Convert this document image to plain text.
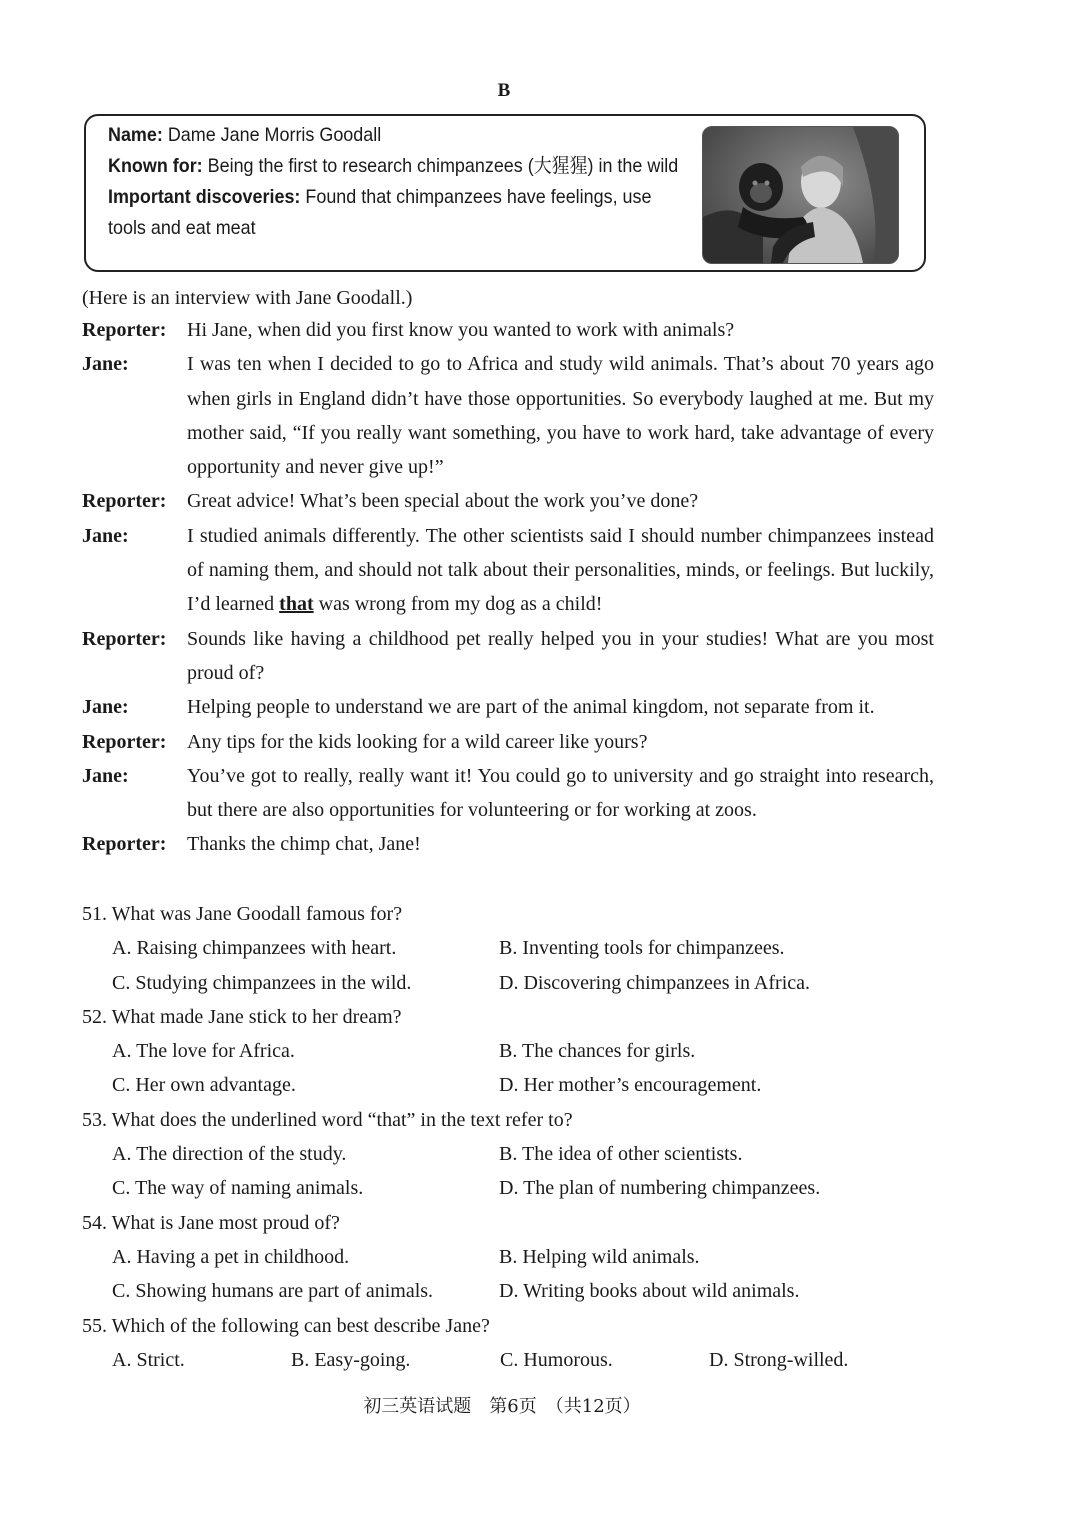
B
Name: Dame Jane Morris Goodall
Known for: Being the first to research chimpanzees (大猩猩) in the wild
Important discoveries: Found that chimpanzees have feelings, use tools and eat meat
(Here is an interview with Jane Goodall.)
Reporter:	Hi Jane, when did you first know you wanted to work with animals?
Jane:	I was ten when I decided to go to Africa and study wild animals. That’s about 70 years ago when girls in England didn’t have those opportunities. So everybody laughed at me. But my mother said, “If you really want something, you have to work hard, take advantage of every opportunity and never give up!”
Reporter:	Great advice! What’s been special about the work you’ve done?
Jane:	I studied animals differently. The other scientists said I should number chimpanzees instead of naming them, and should not talk about their personalities, minds, or feelings. But luckily, I’d learned that was wrong from my dog as a child!
Reporter:	Sounds like having a childhood pet really helped you in your studies! What are you most proud of?
Jane:	Helping people to understand we are part of the animal kingdom, not separate from it.
Reporter:	Any tips for the kids looking for a wild career like yours?
Jane:	You’ve got to really, really want it! You could go to university and go straight into research, but there are also opportunities for volunteering or for working at zoos.
Reporter:	Thanks the chimp chat, Jane!
51. What was Jane Goodall famous for?
A. Raising chimpanzees with heart.	B. Inventing tools for chimpanzees.
C. Studying chimpanzees in the wild.	D. Discovering chimpanzees in Africa.
52. What made Jane stick to her dream?
A. The love for Africa.	B. The chances for girls.
C. Her own advantage.	D. Her mother’s encouragement.
53. What does the underlined word “that” in the text refer to?
A. The direction of the study.	B. The idea of other scientists.
C. The way of naming animals.	D. The plan of numbering chimpanzees.
54. What is Jane most proud of?
A. Having a pet in childhood.	B. Helping wild animals.
C. Showing humans are part of animals.	D. Writing books about wild animals.
55. Which of the following can best describe Jane?
A. Strict.	B. Easy-going.	C. Humorous.	D. Strong-willed.
初三英语试题　第6页　（共12页）
